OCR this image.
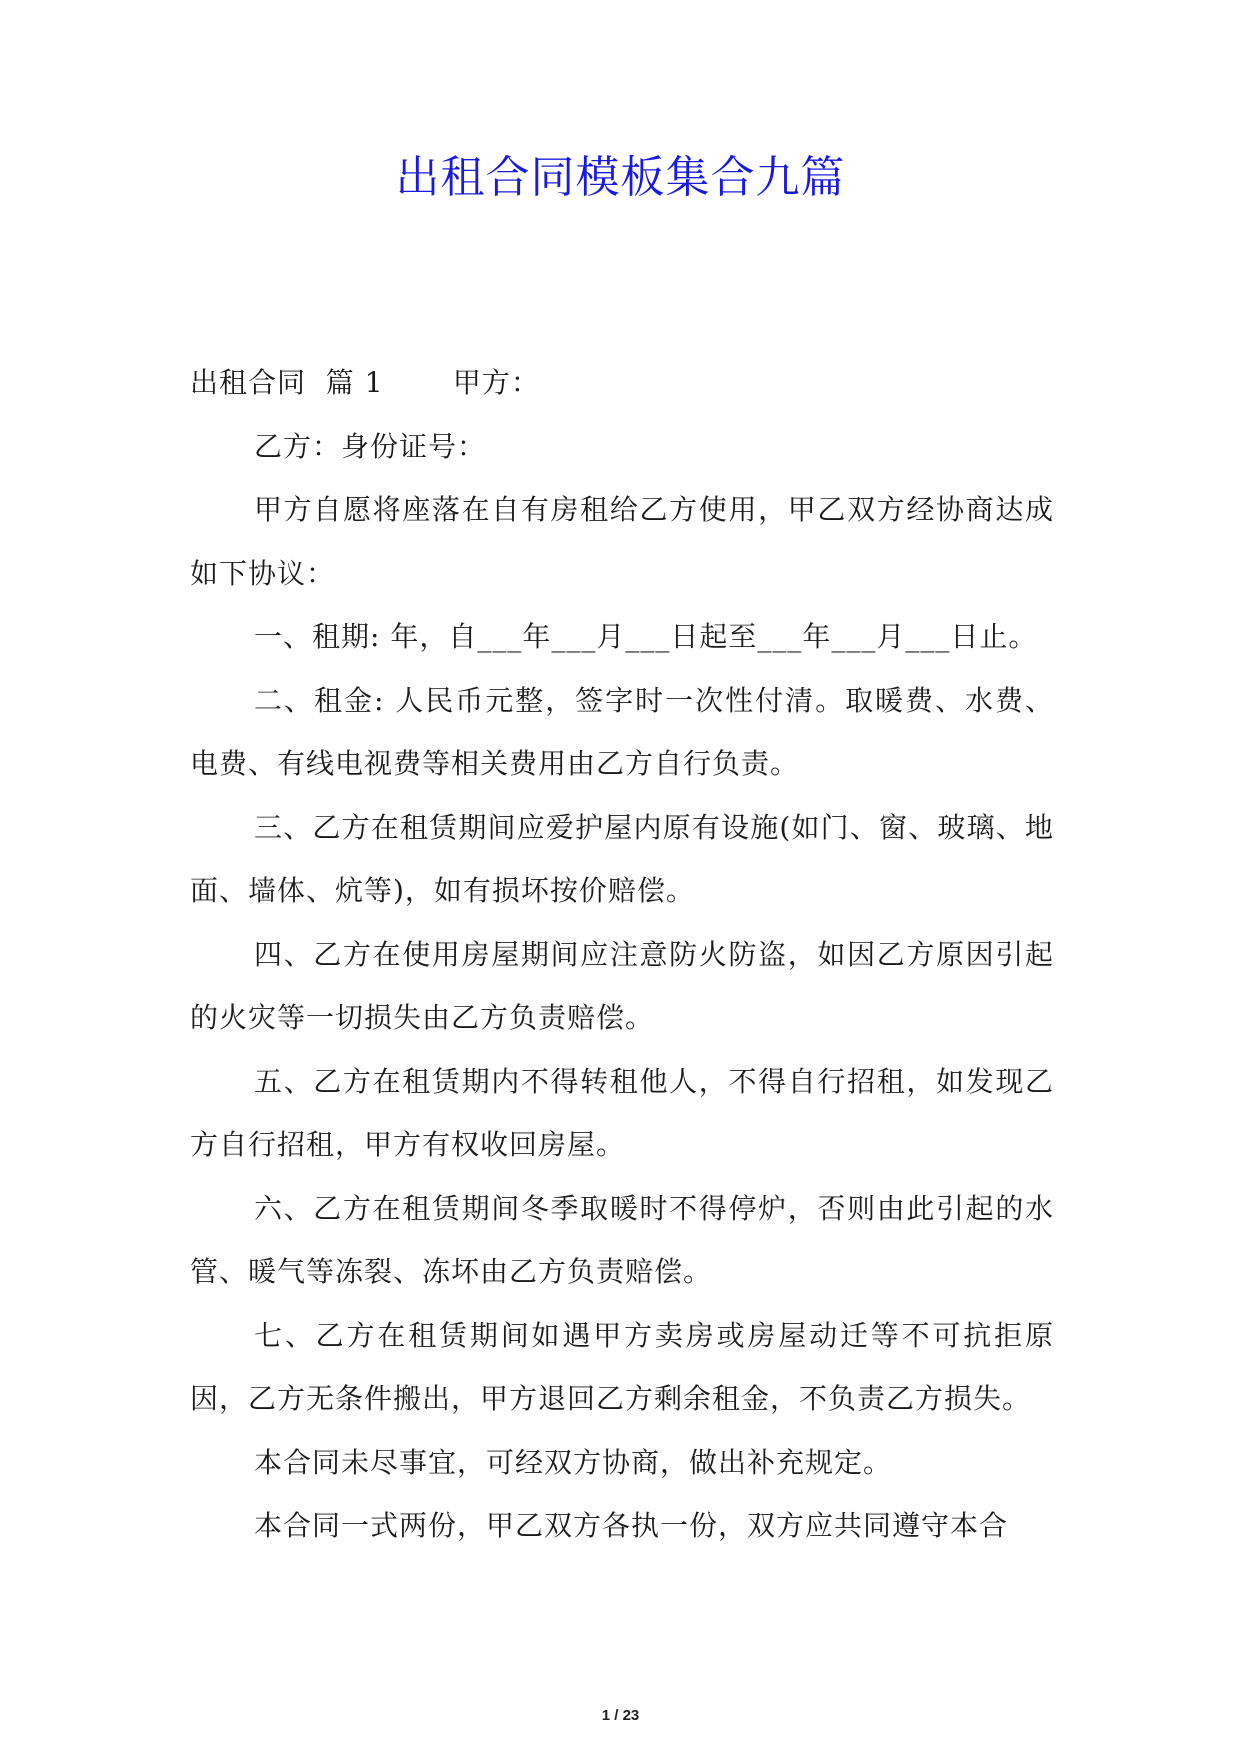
出租合同模板集合九篇

出租合同  篇 1       甲方：

乙方：身份证号：

甲方自愿将座落在自有房租给乙方使用，甲乙双方经协商达成如下协议：

一、租期: 年，自___年___月___日起至___年___月___日止。

二、租金: 人民币元整，签字时一次性付清。取暖费、水费、电费、有线电视费等相关费用由乙方自行负责。

三、乙方在租赁期间应爱护屋内原有设施(如门、窗、玻璃、地面、墙体、炕等)，如有损坏按价赔偿。

四、乙方在使用房屋期间应注意防火防盗，如因乙方原因引起的火灾等一切损失由乙方负责赔偿。

五、乙方在租赁期内不得转租他人，不得自行招租，如发现乙方自行招租，甲方有权收回房屋。

六、乙方在租赁期间冬季取暖时不得停炉，否则由此引起的水管、暖气等冻裂、冻坏由乙方负责赔偿。

七、乙方在租赁期间如遇甲方卖房或房屋动迁等不可抗拒原因，乙方无条件搬出，甲方退回乙方剩余租金，不负责乙方损失。

本合同未尽事宜，可经双方协商，做出补充规定。

本合同一式两份，甲乙双方各执一份，双方应共同遵守本合

1 / 23
